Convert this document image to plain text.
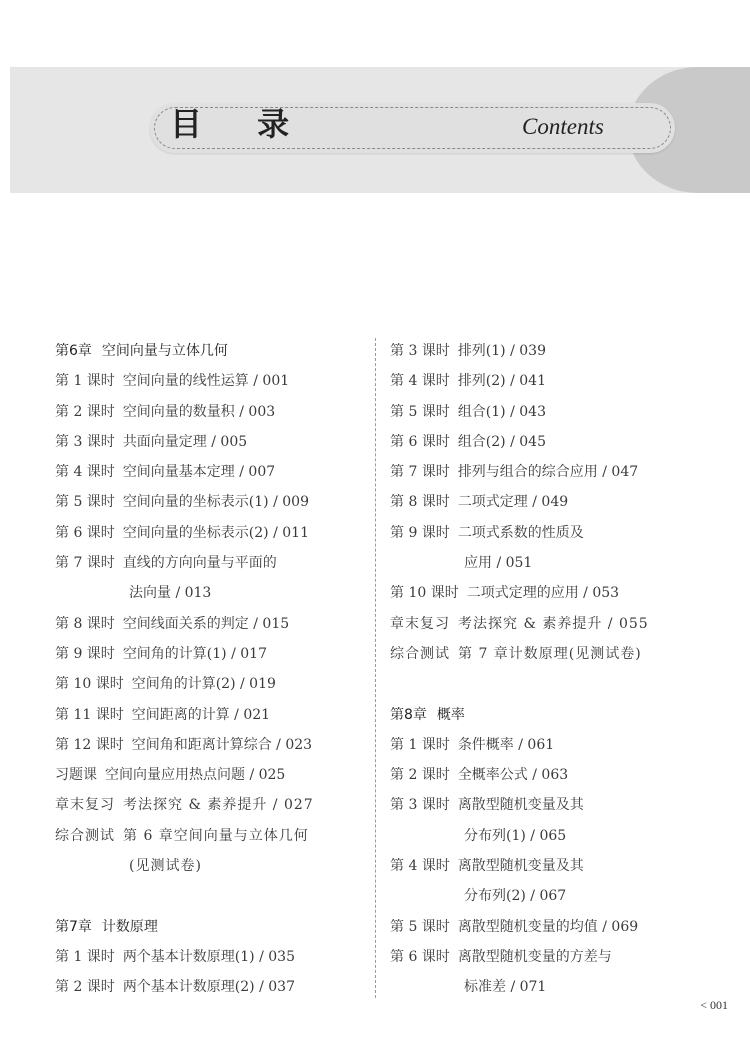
目 录	Contents
第6章 空间向量与立体几何
第 1 课时 空间向量的线性运算 / 001
第 2 课时 空间向量的数量积 / 003
第 3 课时 共面向量定理 / 005
第 4 课时 空间向量基本定理 / 007
第 5 课时 空间向量的坐标表示(1) / 009
第 6 课时 空间向量的坐标表示(2) / 011
第 7 课时 直线的方向向量与平面的
法向量 / 013
第 8 课时 空间线面关系的判定 / 015
第 9 课时 空间角的计算(1) / 017
第 10 课时 空间角的计算(2) / 019
第 11 课时 空间距离的计算 / 021
第 12 课时 空间角和距离计算综合 / 023
习题课 空间向量应用热点问题 / 025
章末复习 考法探究 & 素养提升 / 027
综合测试 第 6 章空间向量与立体几何
(见测试卷)
第7章 计数原理
第 1 课时 两个基本计数原理(1) / 035
第 2 课时 两个基本计数原理(2) / 037
第 3 课时 排列(1) / 039
第 4 课时 排列(2) / 041
第 5 课时 组合(1) / 043
第 6 课时 组合(2) / 045
第 7 课时 排列与组合的综合应用 / 047
第 8 课时 二项式定理 / 049
第 9 课时 二项式系数的性质及
应用 / 051
第 10 课时 二项式定理的应用 / 053
章末复习 考法探究 & 素养提升 / 055
综合测试 第 7 章计数原理(见测试卷)
第8章 概率
第 1 课时 条件概率 / 061
第 2 课时 全概率公式 / 063
第 3 课时 离散型随机变量及其
分布列(1) / 065
第 4 课时 离散型随机变量及其
分布列(2) / 067
第 5 课时 离散型随机变量的均值 / 069
第 6 课时 离散型随机变量的方差与
标准差 / 071
< 001
